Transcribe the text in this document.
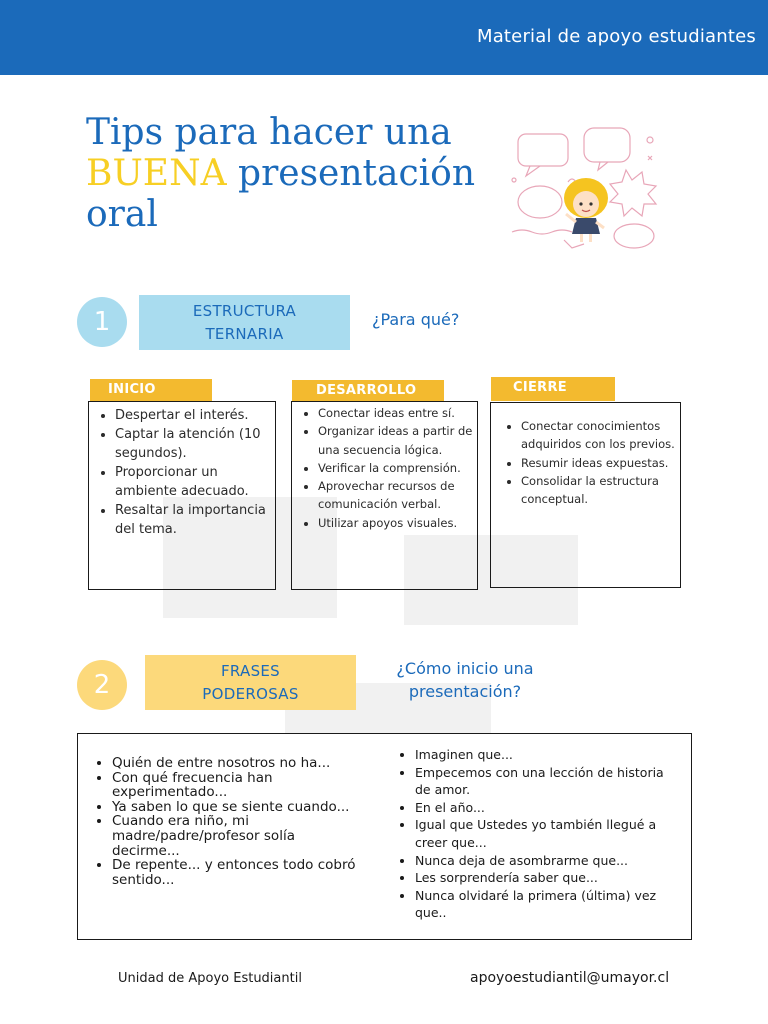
Material de apoyo estudiantes
Tips para hacer una
BUENA presentación
oral
1	ESTRUCTURA
TERNARIA
¿Para qué?
INICIO	DESARROLLO	CIERRE
• Despertar el interés.
• Captar la atención (10 segundos).
• Proporcionar un ambiente adecuado.
• Resaltar la importancia del tema.
• Conectar ideas entre sí.
• Organizar ideas a partir de una secuencia lógica.
• Verificar la comprensión.
• Aprovechar recursos de comunicación verbal.
• Utilizar apoyos visuales.
• Conectar conocimientos adquiridos con los previos.
• Resumir ideas expuestas.
• Consolidar la estructura conceptual.
2	FRASES
PODEROSAS
¿Cómo inicio una
presentación?
• Quién de entre nosotros no ha...
• Con qué frecuencia han experimentado...
• Ya saben lo que se siente cuando...
• Cuando era niño, mi madre/padre/profesor solía decirme...
• De repente... y entonces todo cobró sentido...
• Imaginen que...
• Empecemos con una lección de historia de amor.
• En el año...
• Igual que Ustedes yo también llegué a creer que...
• Nunca deja de asombrarme que...
• Les sorprendería saber que...
• Nunca olvidaré la primera (última) vez que..
Unidad de Apoyo Estudiantil	apoyoestudiantil@umayor.cl
